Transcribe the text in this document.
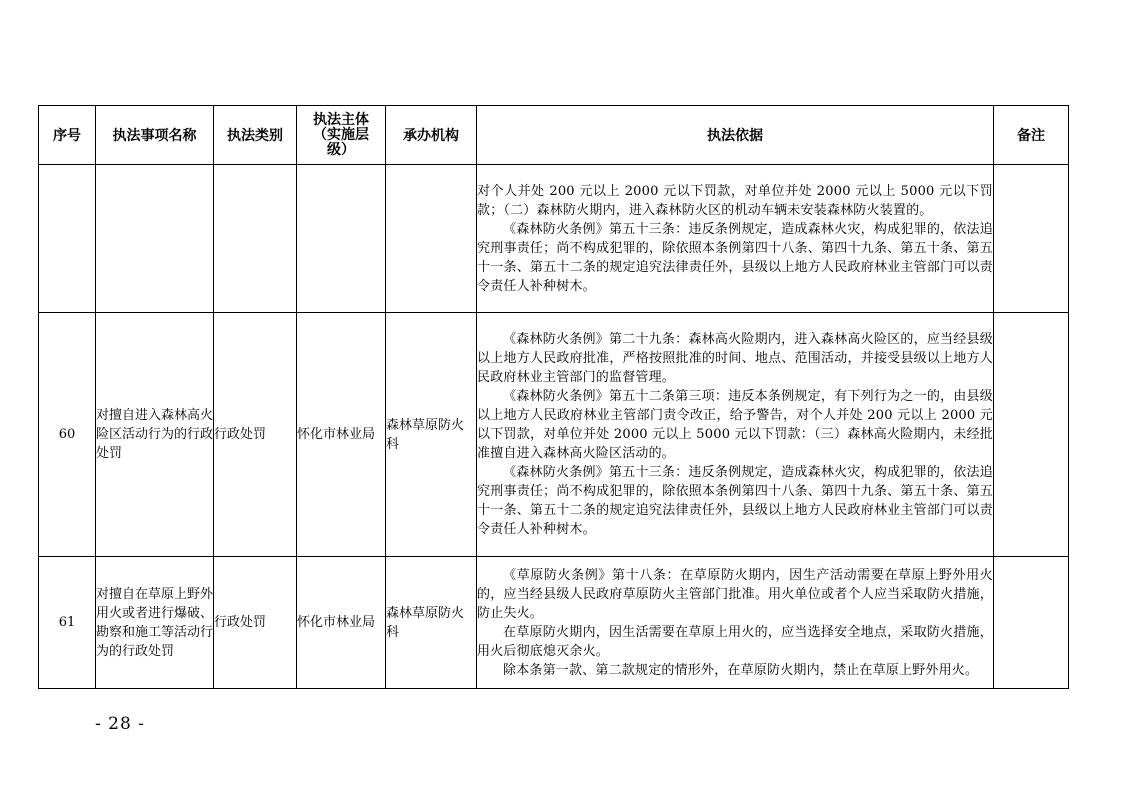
序号	执法事项名称	执法类别	执法主体
（实施层
级）	承办机构	执法依据	备注

					对个人并处 200 元以上 2000 元以下罚款，对单位并处 2000 元以上 5000 元以下罚款；（二）森林防火期内，进入森林防火区的机动车辆未安装森林防火装置的。

《森林防火条例》第五十三条：违反条例规定，造成森林火灾，构成犯罪的，依法追究刑事责任；尚不构成犯罪的，除依照本条例第四十八条、第四十九条、第五十条、第五十一条、第五十二条的规定追究法律责任外，县级以上地方人民政府林业主管部门可以责令责任人补种树木。	

60	对擅自进入森林高火险区活动行为的行政处罚	行政处罚	怀化市林业局	森林草原防火科	《森林防火条例》第二十九条：森林高火险期内，进入森林高火险区的，应当经县级以上地方人民政府批准，严格按照批准的时间、地点、范围活动，并接受县级以上地方人民政府林业主管部门的监督管理。

《森林防火条例》第五十二条第三项：违反本条例规定，有下列行为之一的，由县级以上地方人民政府林业主管部门责令改正，给予警告，对个人并处 200 元以上 2000 元以下罚款，对单位并处 2000 元以上 5000 元以下罚款：（三）森林高火险期内，未经批准擅自进入森林高火险区活动的。

《森林防火条例》第五十三条：违反条例规定，造成森林火灾，构成犯罪的，依法追究刑事责任；尚不构成犯罪的，除依照本条例第四十八条、第四十九条、第五十条、第五十一条、第五十二条的规定追究法律责任外，县级以上地方人民政府林业主管部门可以责令责任人补种树木。	

61	对擅自在草原上野外用火或者进行爆破、勘察和施工等活动行为的行政处罚	行政处罚	怀化市林业局	森林草原防火科	《草原防火条例》第十八条：在草原防火期内，因生产活动需要在草原上野外用火的，应当经县级人民政府草原防火主管部门批准。用火单位或者个人应当采取防火措施，防止失火。

在草原防火期内，因生活需要在草原上用火的，应当选择安全地点，采取防火措施，用火后彻底熄灭余火。

除本条第一款、第二款规定的情形外，在草原防火期内，禁止在草原上野外用火。	

- 28 -
